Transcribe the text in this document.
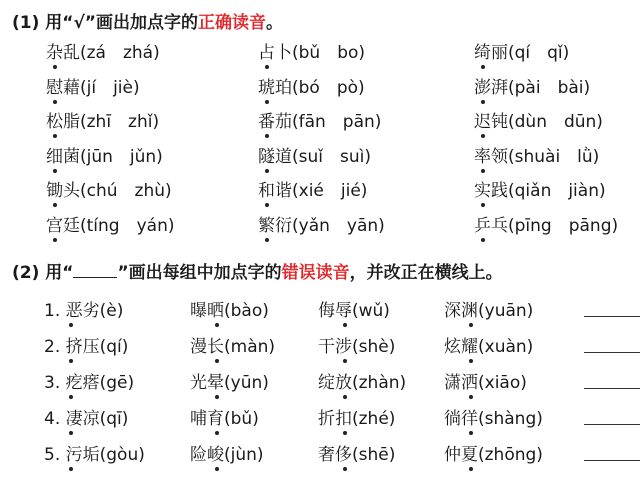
(1) 用“√”画出加点字的正确读音。
杂乱(zá　zhá)	占卜(bǔ　bo)	绮丽(qí　qǐ)
慰藉(jí　jiè)	琥珀(bó　pò)	澎湃(pài　bài)
松脂(zhī　zhǐ)	番茄(fān　pān)	迟钝(dùn　dūn)
细菌(jūn　jǔn)	隧道(suǐ　suì)	率领(shuài　lǜ)
锄头(chú　zhù)	和谐(xié　jié)	实践(qiǎn　jiàn)
宫廷(tíng　yán)	繁衍(yǎn　yān)	乒乓(pīng　pāng)
(2) 用“	”画出每组中加点字的错误读音，并改正在横线上。
1. 恶劣(è)	曝晒(bào)	侮辱(wǔ)	深渊(yuān)
2. 挤压(qí)	漫长(màn)	干涉(shè)	炫耀(xuàn)
3. 疙瘩(gē)	光晕(yūn)	绽放(zhàn) 潇洒(xiāo)
4. 凄凉(qī)	哺育(bǔ)	折扣(zhé)	徜徉(shàng)
5. 污垢(gòu)	险峻(jùn)	奢侈(shē)	仲夏(zhōng)
